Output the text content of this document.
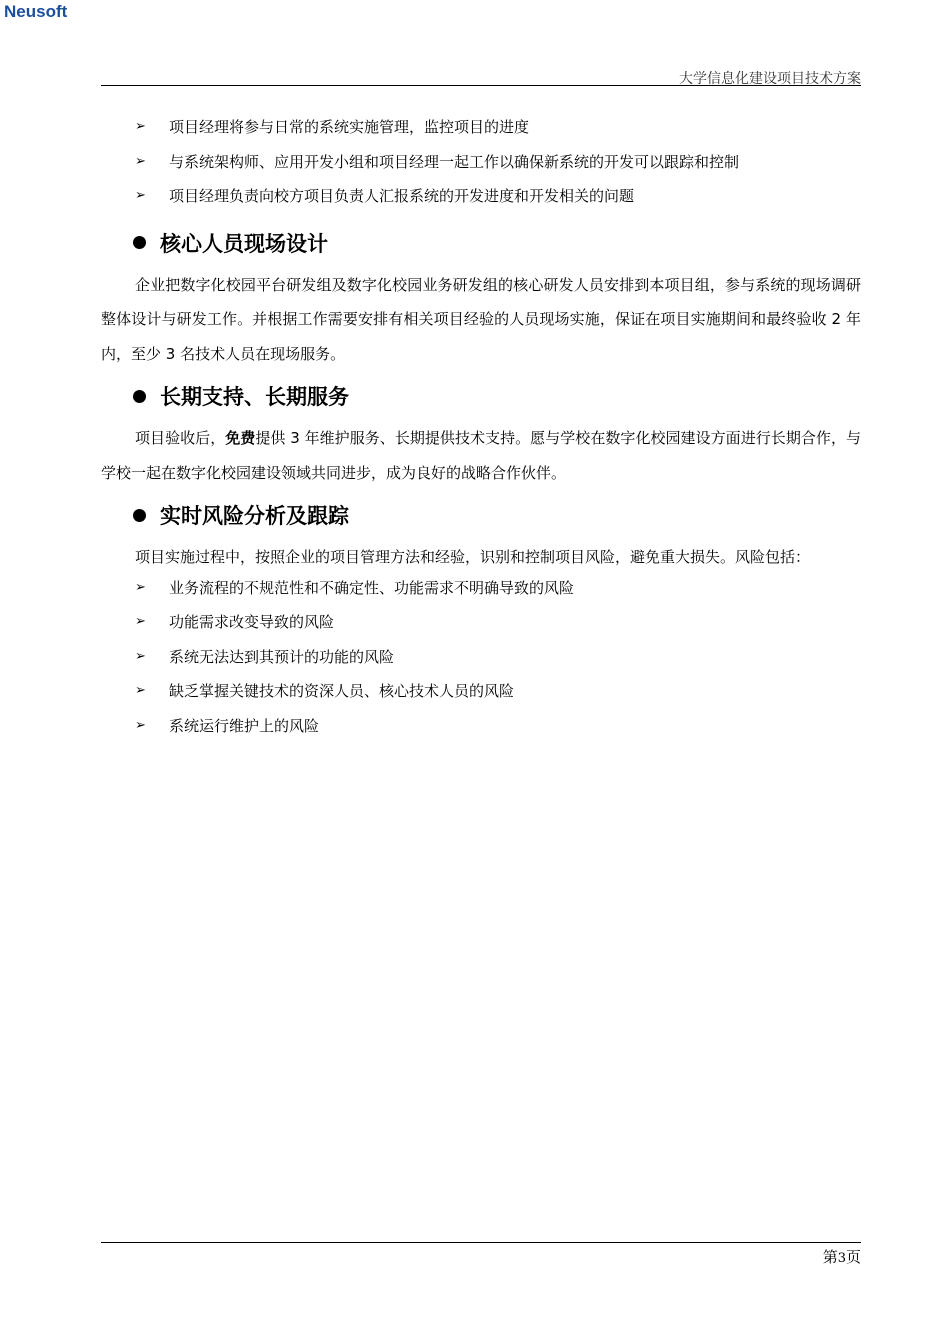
Neusoft
大学信息化建设项目技术方案
➢	项目经理将参与日常的系统实施管理，监控项目的进度
➢	与系统架构师、应用开发小组和项目经理一起工作以确保新系统的开发可以跟踪和控制
➢	项目经理负责向校方项目负责人汇报系统的开发进度和开发相关的问题
核心人员现场设计

企业把数字化校园平台研发组及数字化校园业务研发组的核心研发人员安排到本项目组，参与系统的现场调研整体设计与研发工作。并根据工作需要安排有相关项目经验的人员现场实施，保证在项目实施期间和最终验收 2 年内，至少 3 名技术人员在现场服务。

长期支持、长期服务

项目验收后，免费提供 3 年维护服务、长期提供技术支持。愿与学校在数字化校园建设方面进行长期合作，与学校一起在数字化校园建设领域共同进步，成为良好的战略合作伙伴。

实时风险分析及跟踪

项目实施过程中，按照企业的项目管理方法和经验，识别和控制项目风险，避免重大损失。风险包括：

➢	业务流程的不规范性和不确定性、功能需求不明确导致的风险
➢	功能需求改变导致的风险
➢	系统无法达到其预计的功能的风险
➢	缺乏掌握关键技术的资深人员、核心技术人员的风险
➢	系统运行维护上的风险
第3页
